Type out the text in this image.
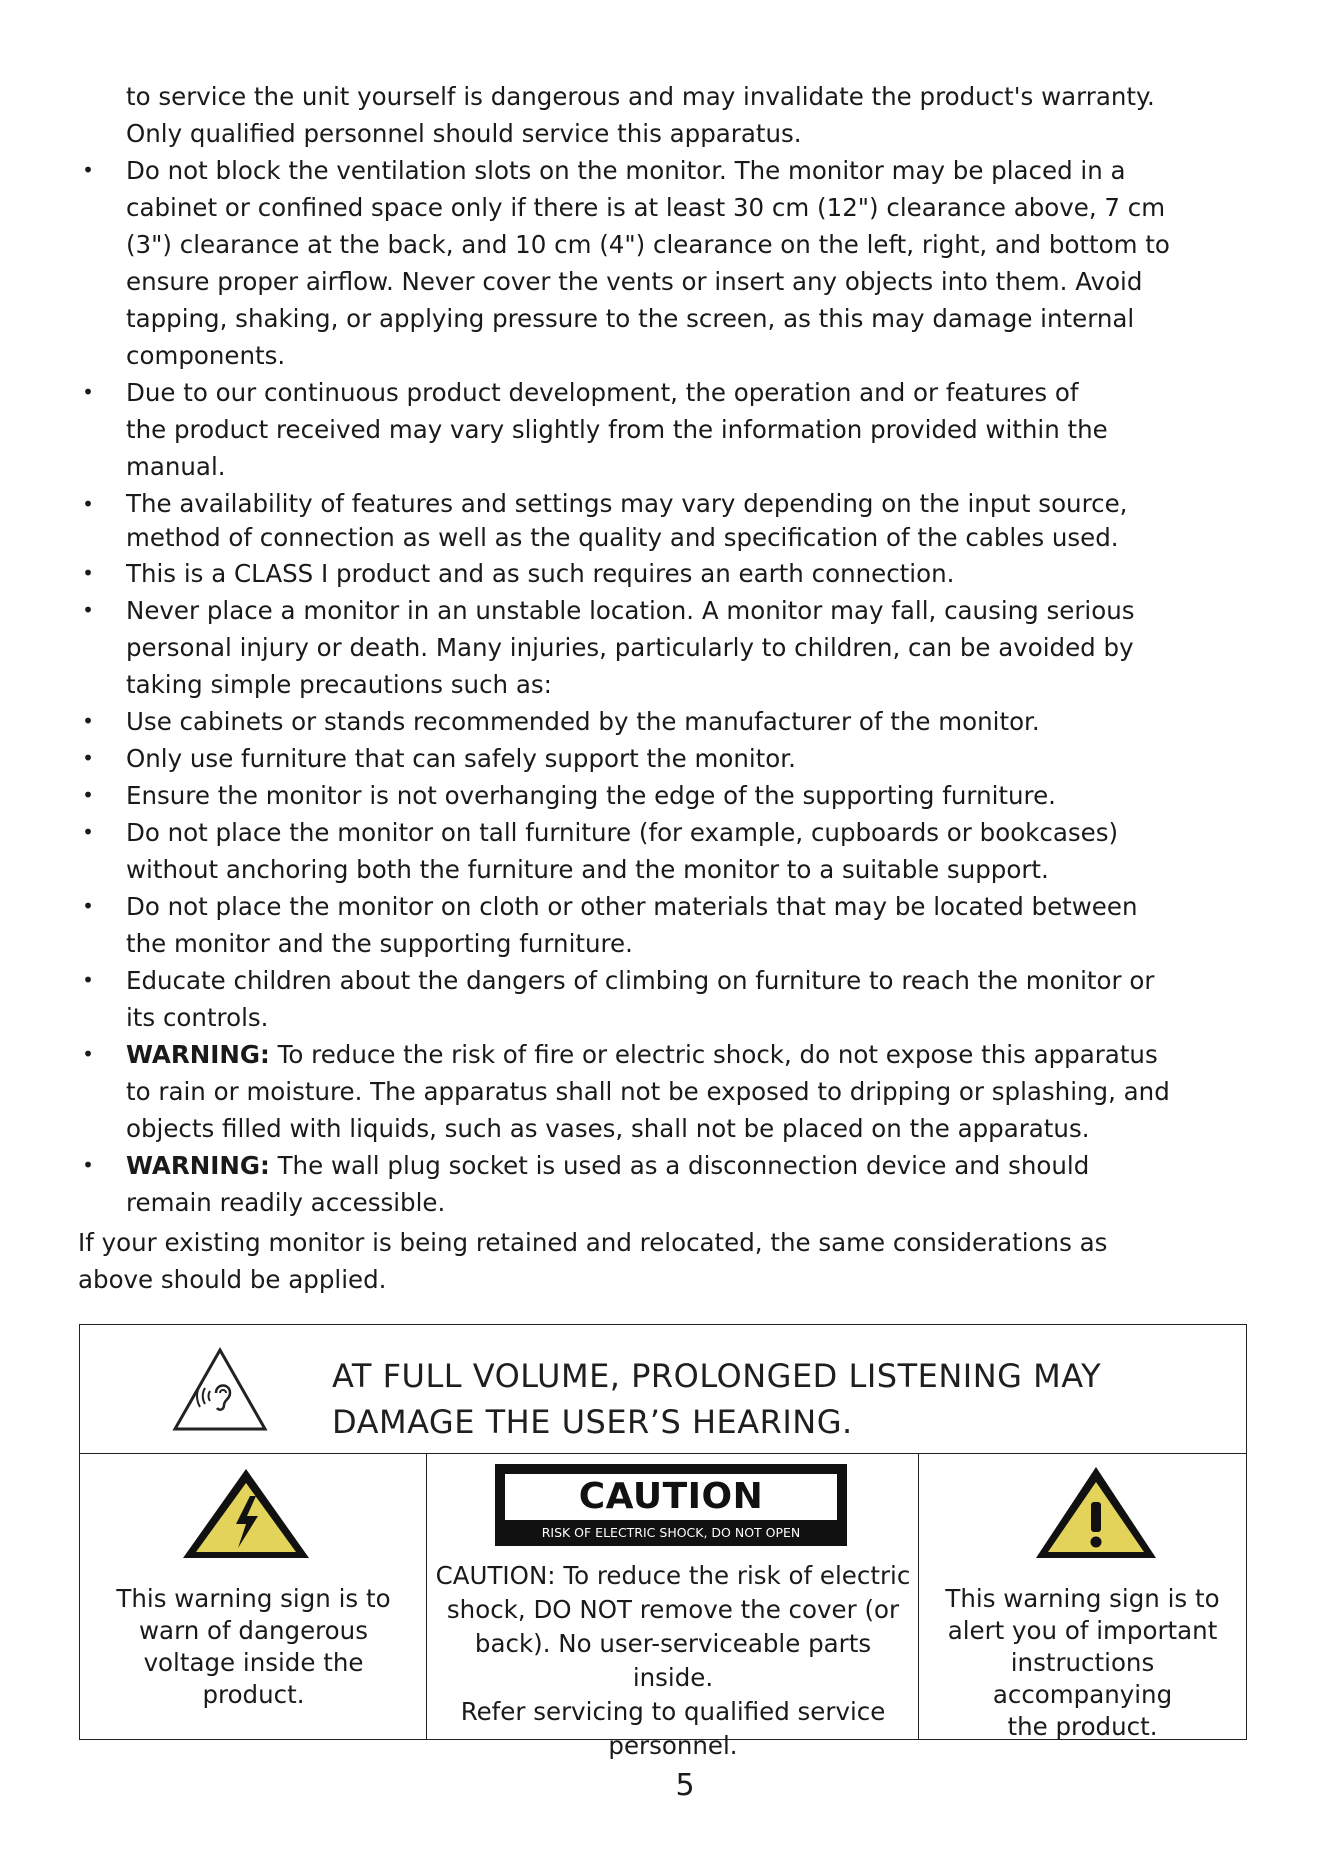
to service the unit yourself is dangerous and may invalidate the product's warranty.
Only qualified personnel should service this apparatus.
• Do not block the ventilation slots on the monitor. The monitor may be placed in a
cabinet or confined space only if there is at least 30 cm (12") clearance above, 7 cm
(3") clearance at the back, and 10 cm (4") clearance on the left, right, and bottom to
ensure proper airflow. Never cover the vents or insert any objects into them. Avoid
tapping, shaking, or applying pressure to the screen, as this may damage internal
components.
• Due to our continuous product development, the operation and or features of
the product received may vary slightly from the information provided within the
manual.
• The availability of features and settings may vary depending on the input source,
method of connection as well as the quality and specification of the cables used.
• This is a CLASS I product and as such requires an earth connection.
• Never place a monitor in an unstable location. A monitor may fall, causing serious
personal injury or death. Many injuries, particularly to children, can be avoided by
taking simple precautions such as:
• Use cabinets or stands recommended by the manufacturer of the monitor.
• Only use furniture that can safely support the monitor.
• Ensure the monitor is not overhanging the edge of the supporting furniture.
• Do not place the monitor on tall furniture (for example, cupboards or bookcases)
without anchoring both the furniture and the monitor to a suitable support.
• Do not place the monitor on cloth or other materials that may be located between
the monitor and the supporting furniture.
• Educate children about the dangers of climbing on furniture to reach the monitor or
its controls.
• WARNING: To reduce the risk of fire or electric shock, do not expose this apparatus
to rain or moisture. The apparatus shall not be exposed to dripping or splashing, and
objects filled with liquids, such as vases, shall not be placed on the apparatus.
• WARNING: The wall plug socket is used as a disconnection device and should
remain readily accessible.

If your existing monitor is being retained and relocated, the same considerations as
above should be applied.

AT FULL VOLUME, PROLONGED LISTENING MAY
DAMAGE THE USER’S HEARING.

This warning sign is to
warn of dangerous
voltage inside the
product.

CAUTION
RISK OF ELECTRIC SHOCK, DO NOT OPEN

CAUTION: To reduce the risk of electric
shock, DO NOT remove the cover (or
back). No user-serviceable parts inside.
Refer servicing to qualified service
personnel.

This warning sign is to
alert you of important
instructions accompanying
the product.

5
